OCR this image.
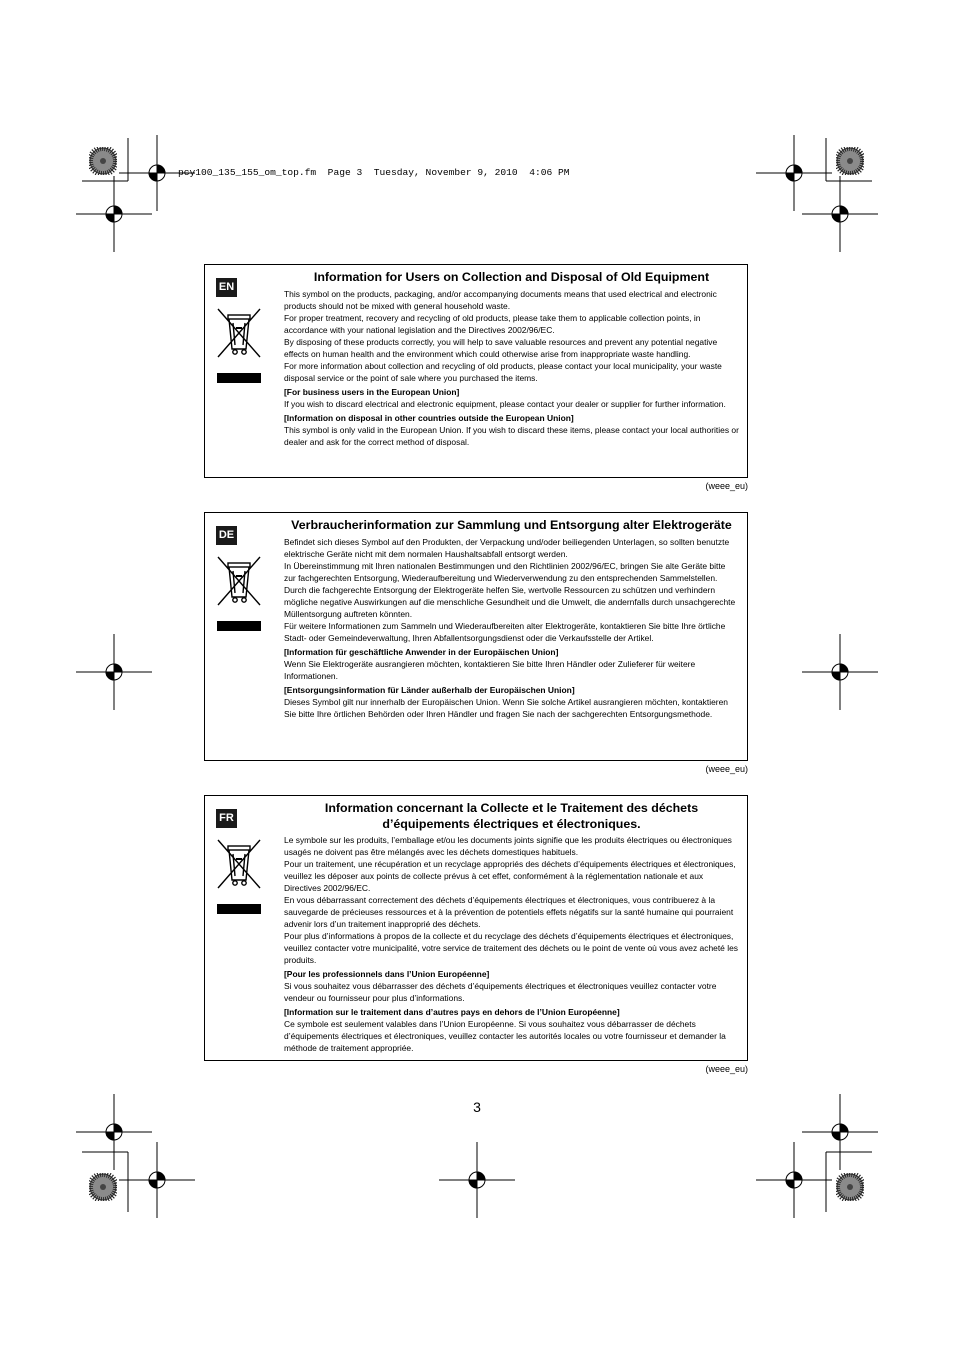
pcy100_135_155_om_top.fm  Page 3  Tuesday, November 9, 2010  4:06 PM

EN
Information for Users on Collection and Disposal of Old Equipment

This symbol on the products, packaging, and/or accompanying documents means that used electrical and electronic products should not be mixed with general household waste.

For proper treatment, recovery and recycling of old products, please take them to applicable collection points, in accordance with your national legislation and the Directives 2002/96/EC.

By disposing of these products correctly, you will help to save valuable resources and prevent any potential negative effects on human health and the environment which could otherwise arise from inappropriate waste handling.

For more information about collection and recycling of old products, please contact your local municipality, your waste disposal service or the point of sale where you purchased the items.

[For business users in the European Union]

If you wish to discard electrical and electronic equipment, please contact your dealer or supplier for further information.

[Information on disposal in other countries outside the European Union]

This symbol is only valid in the European Union. If you wish to discard these items, please contact your local authorities or dealer and ask for the correct method of disposal.

(weee_eu)
DE
Verbraucherinformation zur Sammlung und Entsorgung alter Elektrogeräte

Befindet sich dieses Symbol auf den Produkten, der Verpackung und/oder beiliegenden Unterlagen, so sollten benutzte elektrische Geräte nicht mit dem normalen Haushaltsabfall entsorgt werden.

In Übereinstimmung mit Ihren nationalen Bestimmungen und den Richtlinien 2002/96/EC, bringen Sie alte Geräte bitte zur fachgerechten Entsorgung, Wiederaufbereitung und Wiederverwendung zu den entsprechenden Sammelstellen.

Durch die fachgerechte Entsorgung der Elektrogeräte helfen Sie, wertvolle Ressourcen zu schützen und verhindern mögliche negative Auswirkungen auf die menschliche Gesundheit und die Umwelt, die andernfalls durch unsachgerechte Müllentsorgung auftreten könnten.

Für weitere Informationen zum Sammeln und Wiederaufbereiten alter Elektrogeräte, kontaktieren Sie bitte Ihre örtliche Stadt- oder Gemeindeverwaltung, Ihren Abfallentsorgungsdienst oder die Verkaufsstelle der Artikel.

[Information für geschäftliche Anwender in der Europäischen Union]

Wenn Sie Elektrogeräte ausrangieren möchten, kontaktieren Sie bitte Ihren Händler oder Zulieferer für weitere Informationen.

[Entsorgungsinformation für Länder außerhalb der Europäischen Union]

Dieses Symbol gilt nur innerhalb der Europäischen Union. Wenn Sie solche Artikel ausrangieren möchten, kontaktieren Sie bitte Ihre örtlichen Behörden oder Ihren Händler und fragen Sie nach der sachgerechten Entsorgungsmethode.

(weee_eu)
FR
Information concernant la Collecte et le Traitement des déchets d’équipements électriques et électroniques.

Le symbole sur les produits, l’emballage et/ou les documents joints signifie que les produits électriques ou électroniques usagés ne doivent pas être mélangés avec les déchets domestiques habituels.

Pour un traitement, une récupération et un recyclage appropriés des déchets d’équipements électriques et électroniques, veuillez les déposer aux points de collecte prévus à cet effet, conformément à la réglementation nationale et aux Directives 2002/96/EC.

En vous débarrassant correctement des déchets d’équipements électriques et électroniques, vous contribuerez à la sauvegarde de précieuses ressources et à la prévention de potentiels effets négatifs sur la santé humaine qui pourraient advenir lors d’un traitement inapproprié des déchets.

Pour plus d’informations à propos de la collecte et du recyclage des déchets d’équipements électriques et électroniques, veuillez contacter votre municipalité, votre service de traitement des déchets ou le point de vente où vous avez acheté les produits.

[Pour les professionnels dans l’Union Européenne]

Si vous souhaitez vous débarrasser des déchets d’équipements électriques et électroniques veuillez contacter votre vendeur ou fournisseur pour plus d’informations.

[Information sur le traitement dans d’autres pays en dehors de l’Union Européenne]

Ce symbole est seulement valables dans l’Union Européenne. Si vous souhaitez vous débarrasser de déchets d’équipements électriques et électroniques, veuillez contacter les autorités locales ou votre fournisseur et demander la méthode de traitement appropriée.

(weee_eu)
3
